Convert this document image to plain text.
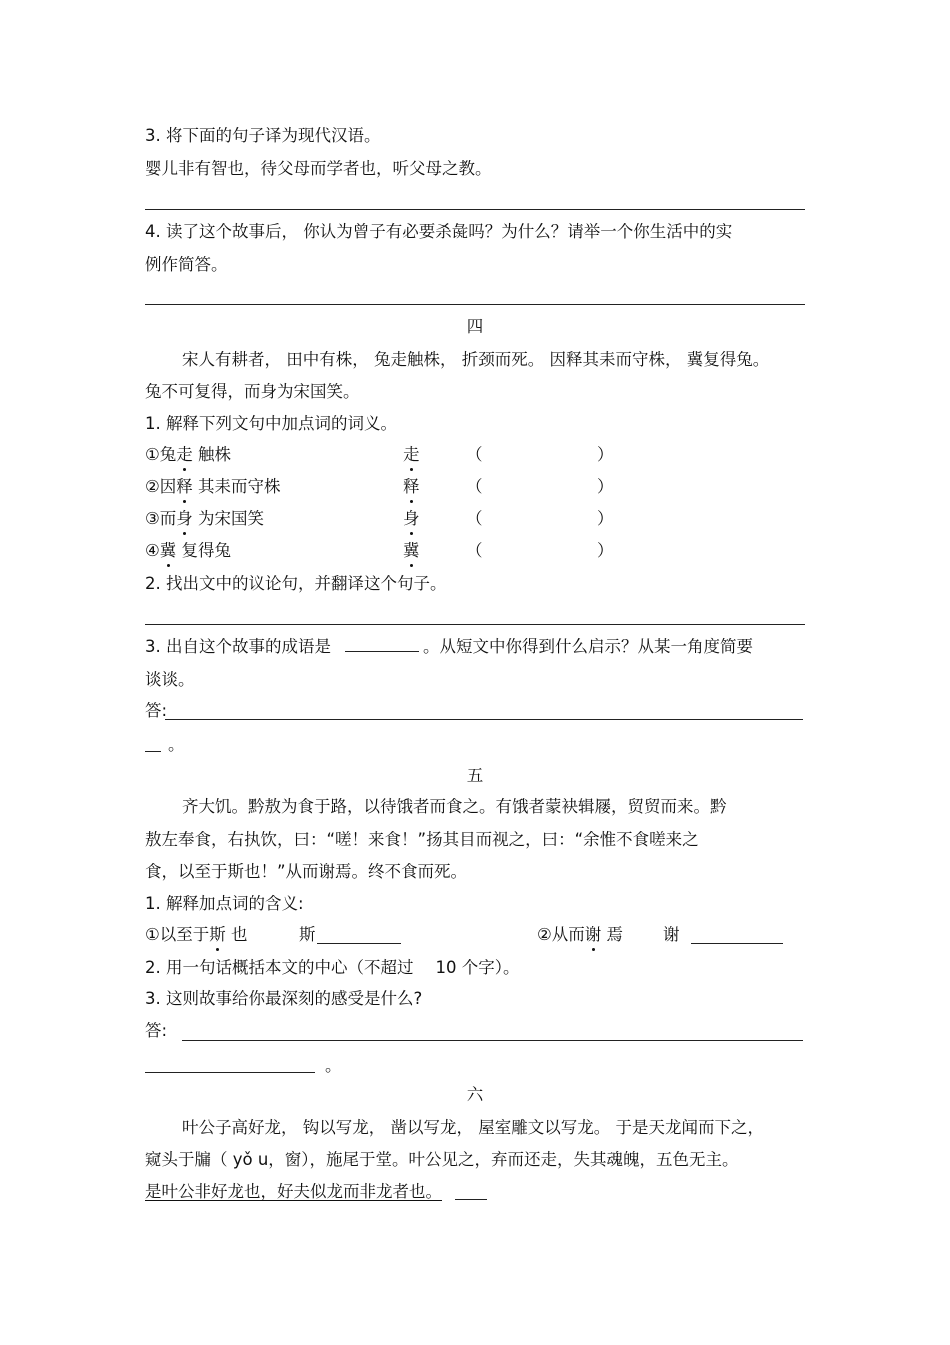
3. 将下面的句子译为现代汉语。
婴儿非有智也，待父母而学者也，听父母之教。
4. 读了这个故事后， 你认为曾子有必要杀彘吗？为什么？请举一个你生活中的实
例作简答。
四
宋人有耕者， 田中有株， 兔走触株， 折颈而死。 因释其耒而守株， 冀复得兔。
兔不可复得，而身为宋国笑。
1. 解释下列文句中加点词的词义。
①兔走 触株	走	（	）
②因释 其耒而守株	释	（	）
③而身 为宋国笑	身	（	）
④冀 复得兔	冀	（	）
2. 找出文中的议论句，并翻译这个句子。
3. 出自这个故事的成语是	。从短文中你得到什么启示？从某一角度简要
谈谈。
答:
。
五
齐大饥。黔敖为食于路，以待饿者而食之。有饿者蒙袂辑屦，贸贸而来。黔
敖左奉食，右执饮，曰：“嗟！来食！”扬其目而视之，曰：“余惟不食嗟来之
食，以至于斯也！”从而谢焉。终不食而死。
1. 解释加点词的含义:
①以至于斯 也	斯	②从而谢 焉 谢
2. 用一句话概括本文的中心（不超过 10 个字）。
3. 这则故事给你最深刻的感受是什么?
答:
。
六
叶公子高好龙， 钩以写龙， 凿以写龙， 屋室雕文以写龙。 于是天龙闻而下之，
窥头于牖（ yǒ u，窗），施尾于堂。叶公见之，弃而还走，失其魂魄，五色无主。
是叶公非好龙也，好夫似龙而非龙者也。
